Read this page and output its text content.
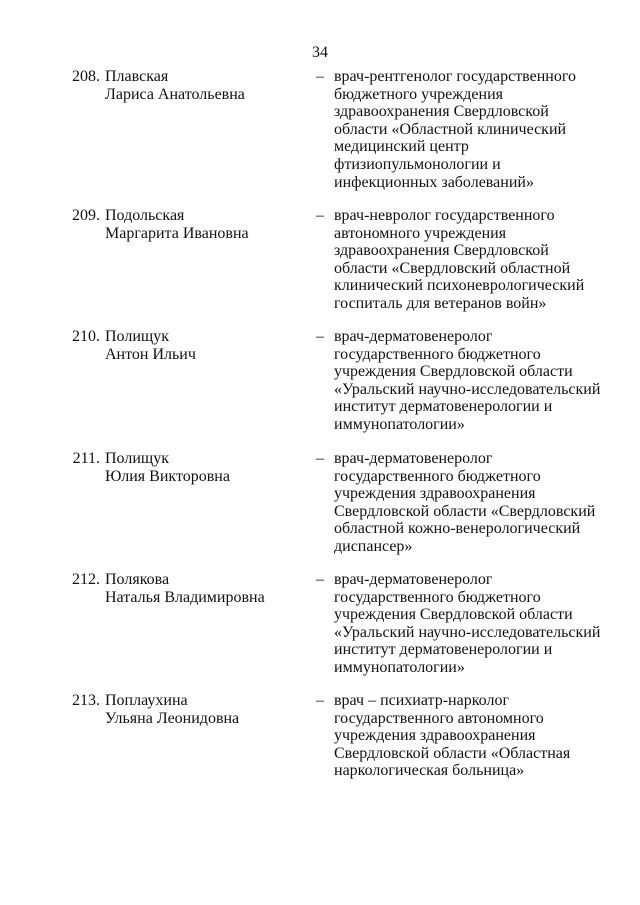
34
208. Плавская
Лариса Анатольевна
– врач-рентгенолог государственного
бюджетного учреждения
здравоохранения Свердловской
области «Областной клинический
медицинский центр
фтизиопульмонологии и
инфекционных заболеваний»
209. Подольская
Маргарита Ивановна
– врач-невролог государственного
автономного учреждения
здравоохранения Свердловской
области «Свердловский областной
клинический психоневрологический
госпиталь для ветеранов войн»
210. Полищук
Антон Ильич
– врач-дерматовенеролог
государственного бюджетного
учреждения Свердловской области
«Уральский научно-исследовательский
институт дерматовенерологии и
иммунопатологии»
211. Полищук
Юлия Викторовна
– врач-дерматовенеролог
государственного бюджетного
учреждения здравоохранения
Свердловской области «Свердловский
областной кожно-венерологический
диспансер»
212. Полякова
Наталья Владимировна
– врач-дерматовенеролог
государственного бюджетного
учреждения Свердловской области
«Уральский научно-исследовательский
институт дерматовенерологии и
иммунопатологии»
213. Поплаухина
Ульяна Леонидовна
– врач – психиатр-нарколог
государственного автономного
учреждения здравоохранения
Свердловской области «Областная
наркологическая больница»
